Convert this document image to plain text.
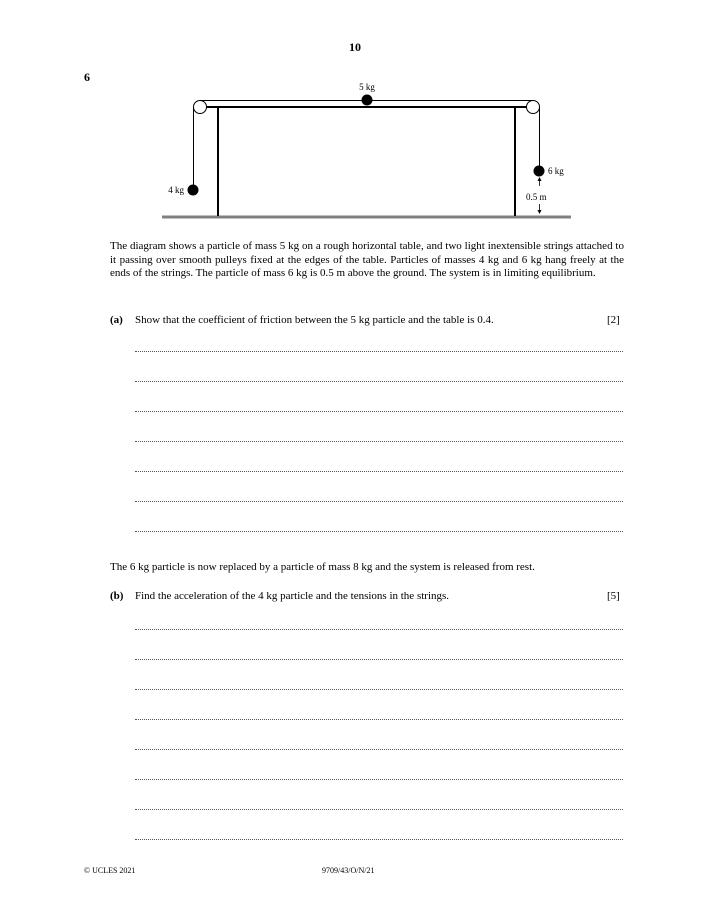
10
6
5 kg
4 kg
6 kg
0.5 m
The diagram shows a particle of mass 5 kg on a rough horizontal table, and two light inextensible strings attached to it passing over smooth pulleys fixed at the edges of the table. Particles of masses 4 kg and 6 kg hang freely at the ends of the strings. The particle of mass 6 kg is 0.5 m above the ground. The system is in limiting equilibrium.
(a) Show that the coefficient of friction between the 5 kg particle and the table is 0.4.	[2]
The 6 kg particle is now replaced by a particle of mass 8 kg and the system is released from rest.
(b) Find the acceleration of the 4 kg particle and the tensions in the strings.	[5]
© UCLES 2021	9709/43/O/N/21
